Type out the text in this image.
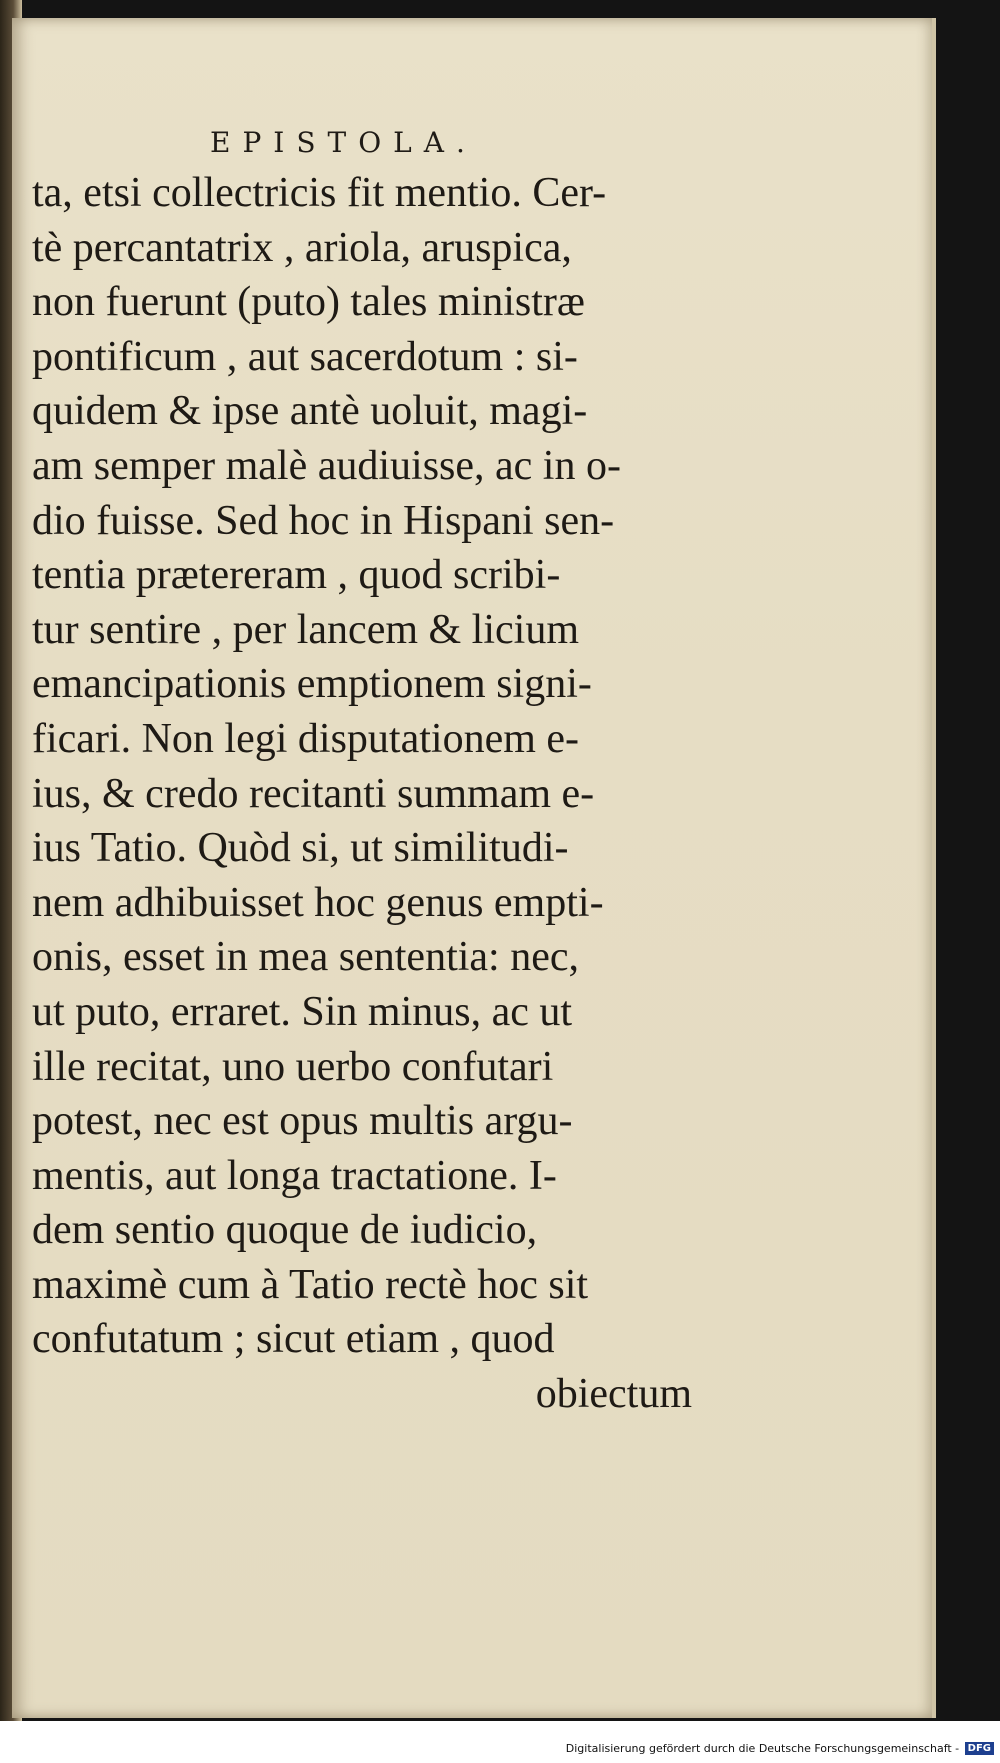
EPISTOLA.
ta, etsi collectricis fit mentio. Cer-
tè percantatrix , ariola, aruspica,
non fuerunt (puto) tales ministræ
pontificum , aut sacerdotum : si-
quidem & ipse antè uoluit, magi-
am semper malè audiuisse, ac in o-
dio fuisse. Sed hoc in Hispani sen-
tentia prætereram , quod scribi-
tur sentire , per lancem & licium
emancipationis emptionem signi-
ficari. Non legi disputationem e-
ius, & credo recitanti summam e-
ius Tatio. Quòd si, ut similitudi-
nem adhibuisset hoc genus empti-
onis, esset in mea sententia: nec,
ut puto, erraret. Sin minus, ac ut
ille recitat, uno uerbo confutari
potest, nec est opus multis argu-
mentis, aut longa tractatione. I-
dem sentio quoque de iudicio,
maximè cum à Tatio rectè hoc sit
confutatum ; sicut etiam , quod
obiectum
Digitalisierung gefördert durch die Deutsche Forschungsgemeinschaft - DFG
